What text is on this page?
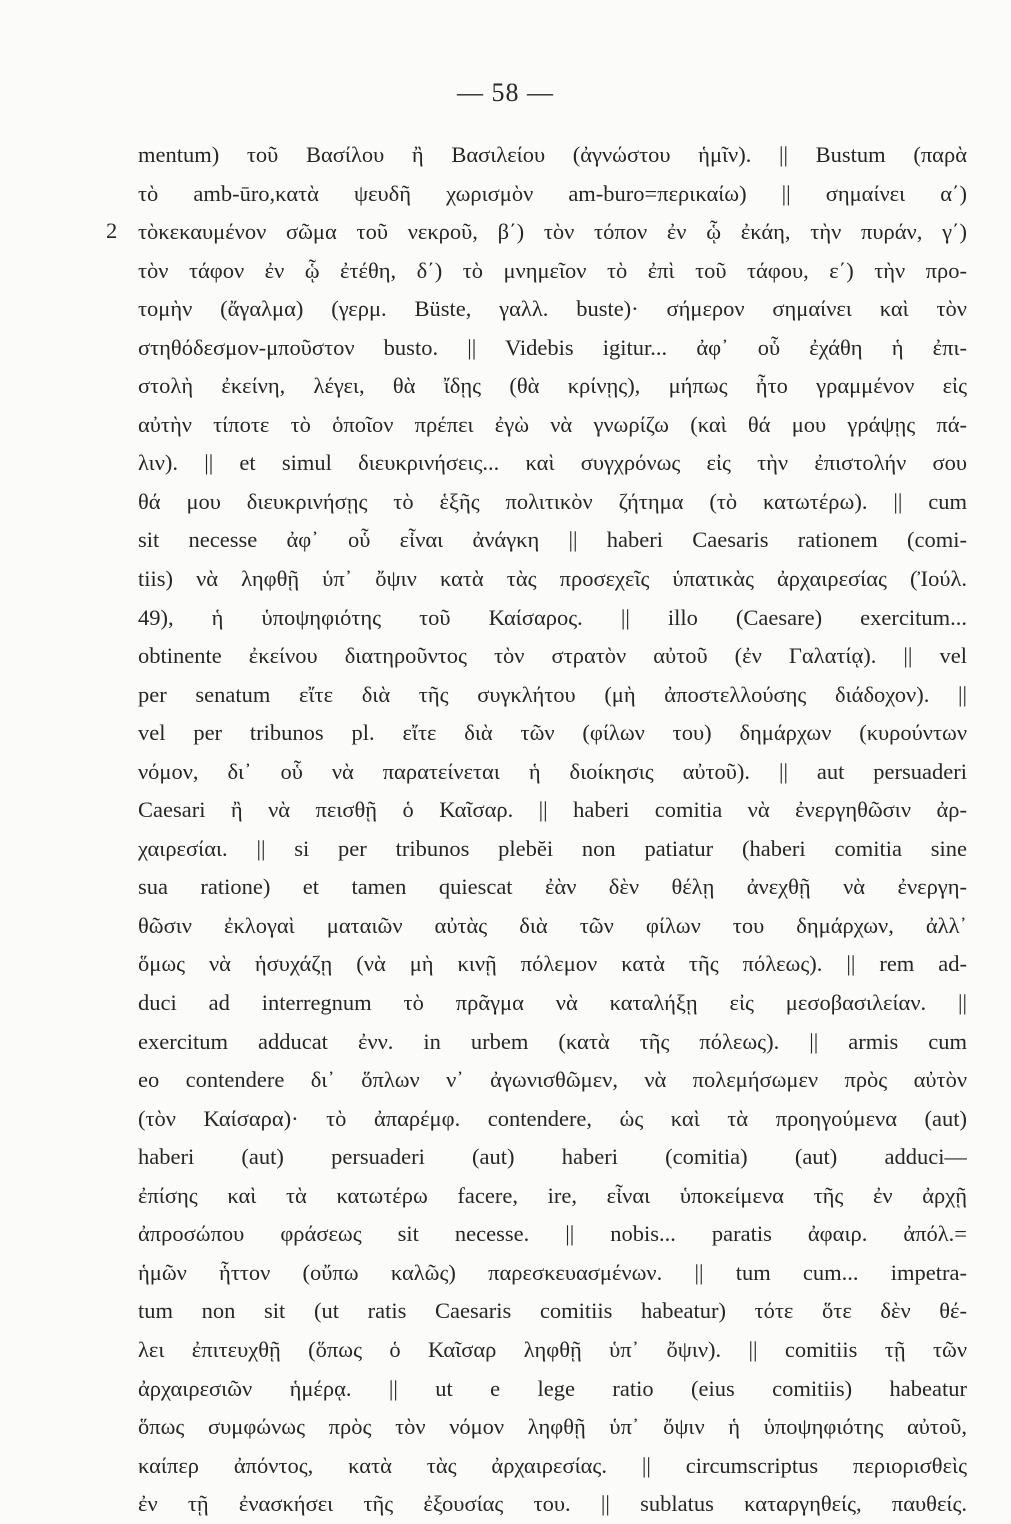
— 58 —
2
mentum) τοῦ Βασίλου ἢ Βασιλείου (ἀγνώστου ἡμῖν). || Bustum (παρὰ
τὸ amb-ūro,κατὰ ψευδῆ χωρισμὸν am-buro=περικαίω) || σημαίνει α΄)
τὸκεκαυμένον σῶμα τοῦ νεκροῦ, β΄) τὸν τόπον ἐν ᾧ ἐκάη, τὴν πυράν, γ΄)
τὸν τάφον ἐν ᾧ ἐτέθη, δ΄) τὸ μνημεῖον τὸ ἐπὶ τοῦ τάφου, ε΄) τὴν προ-
τομὴν (ἄγαλμα) (γερμ. Büste, γαλλ. buste)· σήμερον σημαίνει καὶ τὸν
στηθόδεσμον-μποῦστον busto. || Videbis igitur... ἀφ᾽ οὗ ἐχάθη ἡ ἐπι-
στολὴ ἐκείνη, λέγει, θὰ ἴδῃς (θὰ κρίνῃς), μήπως ἦτο γραμμένον εἰς
αὐτὴν τίποτε τὸ ὁποῖον πρέπει ἐγὼ νὰ γνωρίζω (καὶ θά μου γράψῃς πά-
λιν). || et simul διευκρινήσεις... καὶ συγχρόνως εἰς τὴν ἐπιστολήν σου
θά μου διευκρινήσῃς τὸ ἑξῆς πολιτικὸν ζήτημα (τὸ κατωτέρω). || cum
sit necesse ἀφ᾽ οὗ εἶναι ἀνάγκη || haberi Caesaris rationem (comi-
tiis) νὰ ληφθῇ ὑπ᾽ ὄψιν κατὰ τὰς προσεχεῖς ὑπατικὰς ἀρχαιρεσίας (Ἰούλ.
49), ἡ ὑποψηφιότης τοῦ Καίσαρος. || illo (Caesare) exercitum...
obtinente ἐκείνου διατηροῦντος τὸν στρατὸν αὐτοῦ (ἐν Γαλατίᾳ). || vel
per senatum εἴτε διὰ τῆς συγκλήτου (μὴ ἀποστελλούσης διάδοχον). ||
vel per tribunos pl. εἴτε διὰ τῶν (φίλων του) δημάρχων (κυρούντων
νόμον, δι᾽ οὗ νὰ παρατείνεται ἡ διοίκησις αὐτοῦ). || aut persuaderi
Caesari ἢ νὰ πεισθῇ ὁ Καῖσαρ. || haberi comitia νὰ ἐνεργηθῶσιν ἀρ-
χαιρεσίαι. || si per tribunos plebĕi non patiatur (haberi comitia sine
sua ratione) et tamen quiescat ἐὰν δὲν θέλῃ ἀνεχθῇ νὰ ἐνεργη-
θῶσιν ἐκλογαὶ ματαιῶν αὐτὰς διὰ τῶν φίλων του δημάρχων, ἀλλ᾽
ὅμως νὰ ἡσυχάζῃ (νὰ μὴ κινῇ πόλεμον κατὰ τῆς πόλεως). || rem ad-
duci ad interregnum τὸ πρᾶγμα νὰ καταλήξῃ εἰς μεσοβασιλείαν. ||
exercitum adducat ἐνν. in urbem (κατὰ τῆς πόλεως). || armis cum
eo contendere δι᾽ ὅπλων ν᾽ ἀγωνισθῶμεν, νὰ πολεμήσωμεν πρὸς αὐτὸν
(τὸν Καίσαρα)· τὸ ἀπαρέμφ. contendere, ὡς καὶ τὰ προηγούμενα (aut)
haberi (aut) persuaderi (aut) haberi (comitia) (aut) adduci—
ἐπίσης καὶ τὰ κατωτέρω facere, ire, εἶναι ὑποκείμενα τῆς ἐν ἀρχῇ
ἀπροσώπου φράσεως sit necesse. || nobis... paratis ἀφαιρ. ἀπόλ.=
ἡμῶν ἧττον (οὔπω καλῶς) παρεσκευασμένων. || tum cum... impetra-
tum non sit (ut ratis Caesaris comitiis habeatur) τότε ὅτε δὲν θέ-
λει ἐπιτευχθῇ (ὅπως ὁ Καῖσαρ ληφθῇ ὑπ᾽ ὄψιν). || comitiis τῇ τῶν
ἀρχαιρεσιῶν ἡμέρᾳ. || ut e lege ratio (eius comitiis) habeatur
ὅπως συμφώνως πρὸς τὸν νόμον ληφθῇ ὑπ᾽ ὄψιν ἡ ὑποψηφιότης αὐτοῦ,
καίπερ ἀπόντος, κατὰ τὰς ἀρχαιρεσίας. || circumscriptus περιορισθεὶς
ἐν τῇ ἐνασκήσει τῆς ἐξουσίας του. || sublatus καταργηθείς, παυθείς.
